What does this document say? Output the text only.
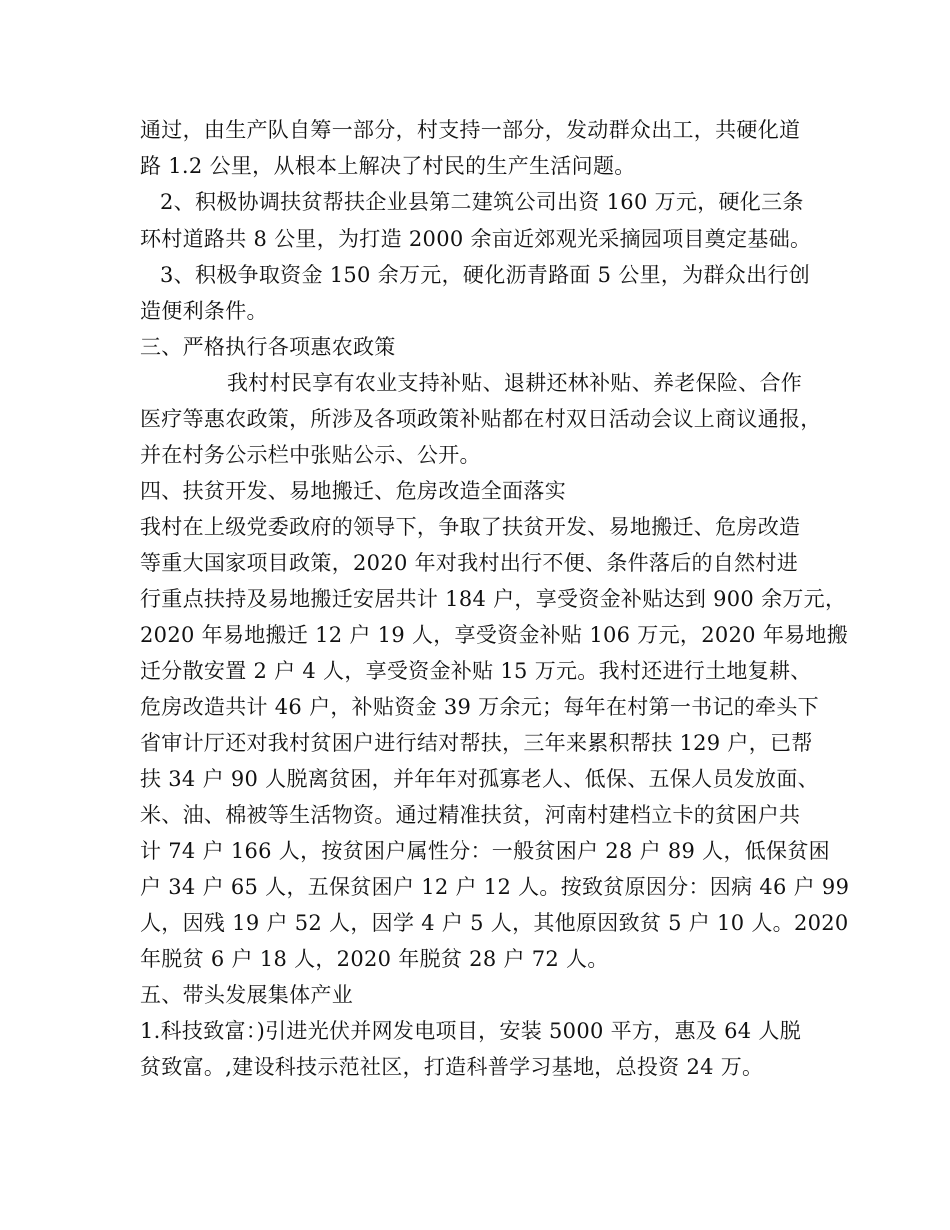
通过，由生产队自筹一部分，村支持一部分，发动群众出工，共硬化道
路 1.2 公里，从根本上解决了村民的生产生活问题。
2、积极协调扶贫帮扶企业县第二建筑公司出资 160 万元，硬化三条
环村道路共 8 公里，为打造 2000 余亩近郊观光采摘园项目奠定基础。
3、积极争取资金 150 余万元，硬化沥青路面 5 公里，为群众出行创
造便利条件。
三、严格执行各项惠农政策
我村村民享有农业支持补贴、退耕还林补贴、养老保险、合作
医疗等惠农政策，所涉及各项政策补贴都在村双日活动会议上商议通报，
并在村务公示栏中张贴公示、公开。
四、扶贫开发、易地搬迁、危房改造全面落实
我村在上级党委政府的领导下，争取了扶贫开发、易地搬迁、危房改造
等重大国家项目政策，2020 年对我村出行不便、条件落后的自然村进
行重点扶持及易地搬迁安居共计 184 户，享受资金补贴达到 900 余万元，
2020 年易地搬迁 12 户 19 人，享受资金补贴 106 万元，2020 年易地搬
迁分散安置 2 户 4 人，享受资金补贴 15 万元。我村还进行土地复耕、
危房改造共计 46 户，补贴资金 39 万余元；每年在村第一书记的牵头下
省审计厅还对我村贫困户进行结对帮扶，三年来累积帮扶 129 户，已帮
扶 34 户 90 人脱离贫困，并年年对孤寡老人、低保、五保人员发放面、
米、油、棉被等生活物资。通过精准扶贫，河南村建档立卡的贫困户共
计 74 户 166 人，按贫困户属性分：一般贫困户 28 户 89 人，低保贫困
户 34 户 65 人，五保贫困户 12 户 12 人。按致贫原因分：因病 46 户 99
人，因残 19 户 52 人，因学 4 户 5 人，其他原因致贫 5 户 10 人。2020
年脱贫 6 户 18 人，2020 年脱贫 28 户 72 人。
五、带头发展集体产业
1.科技致富：)引进光伏并网发电项目，安装 5000 平方，惠及 64 人脱
贫致富。,建设科技示范社区，打造科普学习基地，总投资 24 万。
